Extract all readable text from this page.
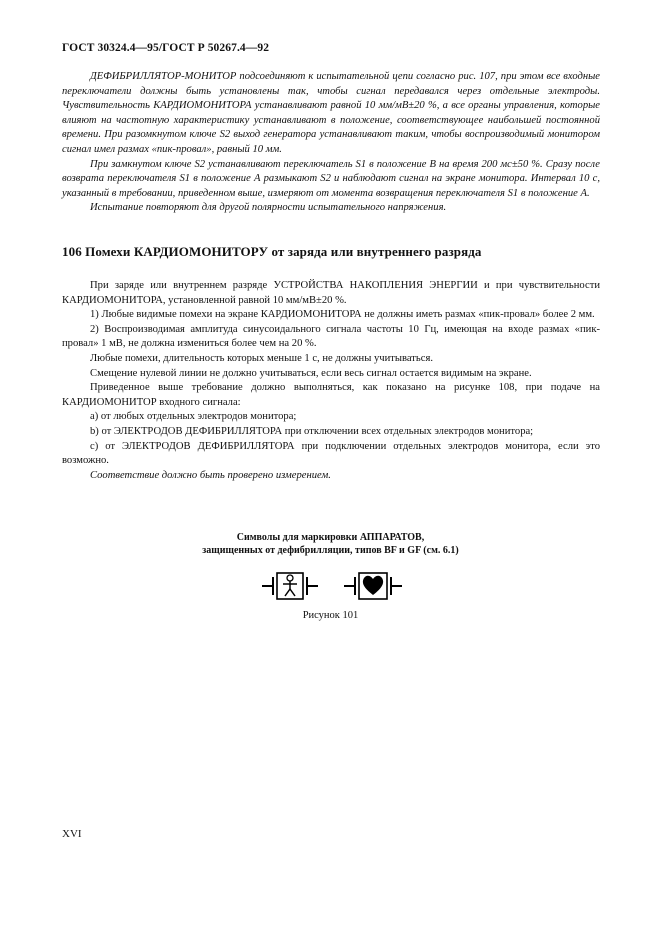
ГОСТ 30324.4—95/ГОСТ Р 50267.4—92

ДЕФИБРИЛЛЯТОР-МОНИТОР подсоединяют к испытательной цепи согласно рис. 107, при этом все входные переключатели должны быть установлены так, чтобы сигнал передавался через отдельные электроды. Чувствительность КАРДИОМОНИТОРА устанавливают равной 10 мм/мВ±20 %, а все органы управления, которые влияют на частотную характеристику устанавливают в положение, соответствующее наибольшей постоянной времени. При разомкнутом ключе S2 выход генератора устанавливают таким, чтобы воспроизводимый монитором сигнал имел размах «пик-провал», равный 10 мм.

При замкнутом ключе S2 устанавливают переключатель S1 в положение В на время 200 мс±50 %. Сразу после возврата переключателя S1 в положение А размыкают S2 и наблюдают сигнал на экране монитора. Интервал 10 с, указанный в требовании, приведенном выше, измеряют от момента возвращения переключателя S1 в положение А.

Испытание повторяют для другой полярности испытательного напряжения.

106 Помехи КАРДИОМОНИТОРУ от заряда или внутреннего разряда

При заряде или внутреннем разряде УСТРОЙСТВА НАКОПЛЕНИЯ ЭНЕРГИИ и при чувствительности КАРДИОМОНИТОРА, установленной равной 10 мм/мВ±20 %.

1) Любые видимые помехи на экране КАРДИОМОНИТОРА не должны иметь размах «пик-провал» более 2 мм.

2) Воспроизводимая амплитуда синусоидального сигнала частоты 10 Гц, имеющая на входе размах «пик-провал» 1 мВ, не должна измениться более чем на 20 %.

Любые помехи, длительность которых меньше 1 с, не должны учитываться.

Смещение нулевой линии не должно учитываться, если весь сигнал остается видимым на экране.

Приведенное выше требование должно выполняться, как показано на рисунке 108, при подаче на КАРДИОМОНИТОР входного сигнала:

а) от любых отдельных электродов монитора;

b) от ЭЛЕКТРОДОВ ДЕФИБРИЛЛЯТОРА при отключении всех отдельных электродов монитора;

с) от ЭЛЕКТРОДОВ ДЕФИБРИЛЛЯТОРА при подключении отдельных электродов монитора, если это возможно.

Соответствие должно быть проверено измерением.

Символы для маркировки АППАРАТОВ,
защищенных от дефибрилляции, типов BF и GF (см. 6.1)
Рисунок 101
XVI
